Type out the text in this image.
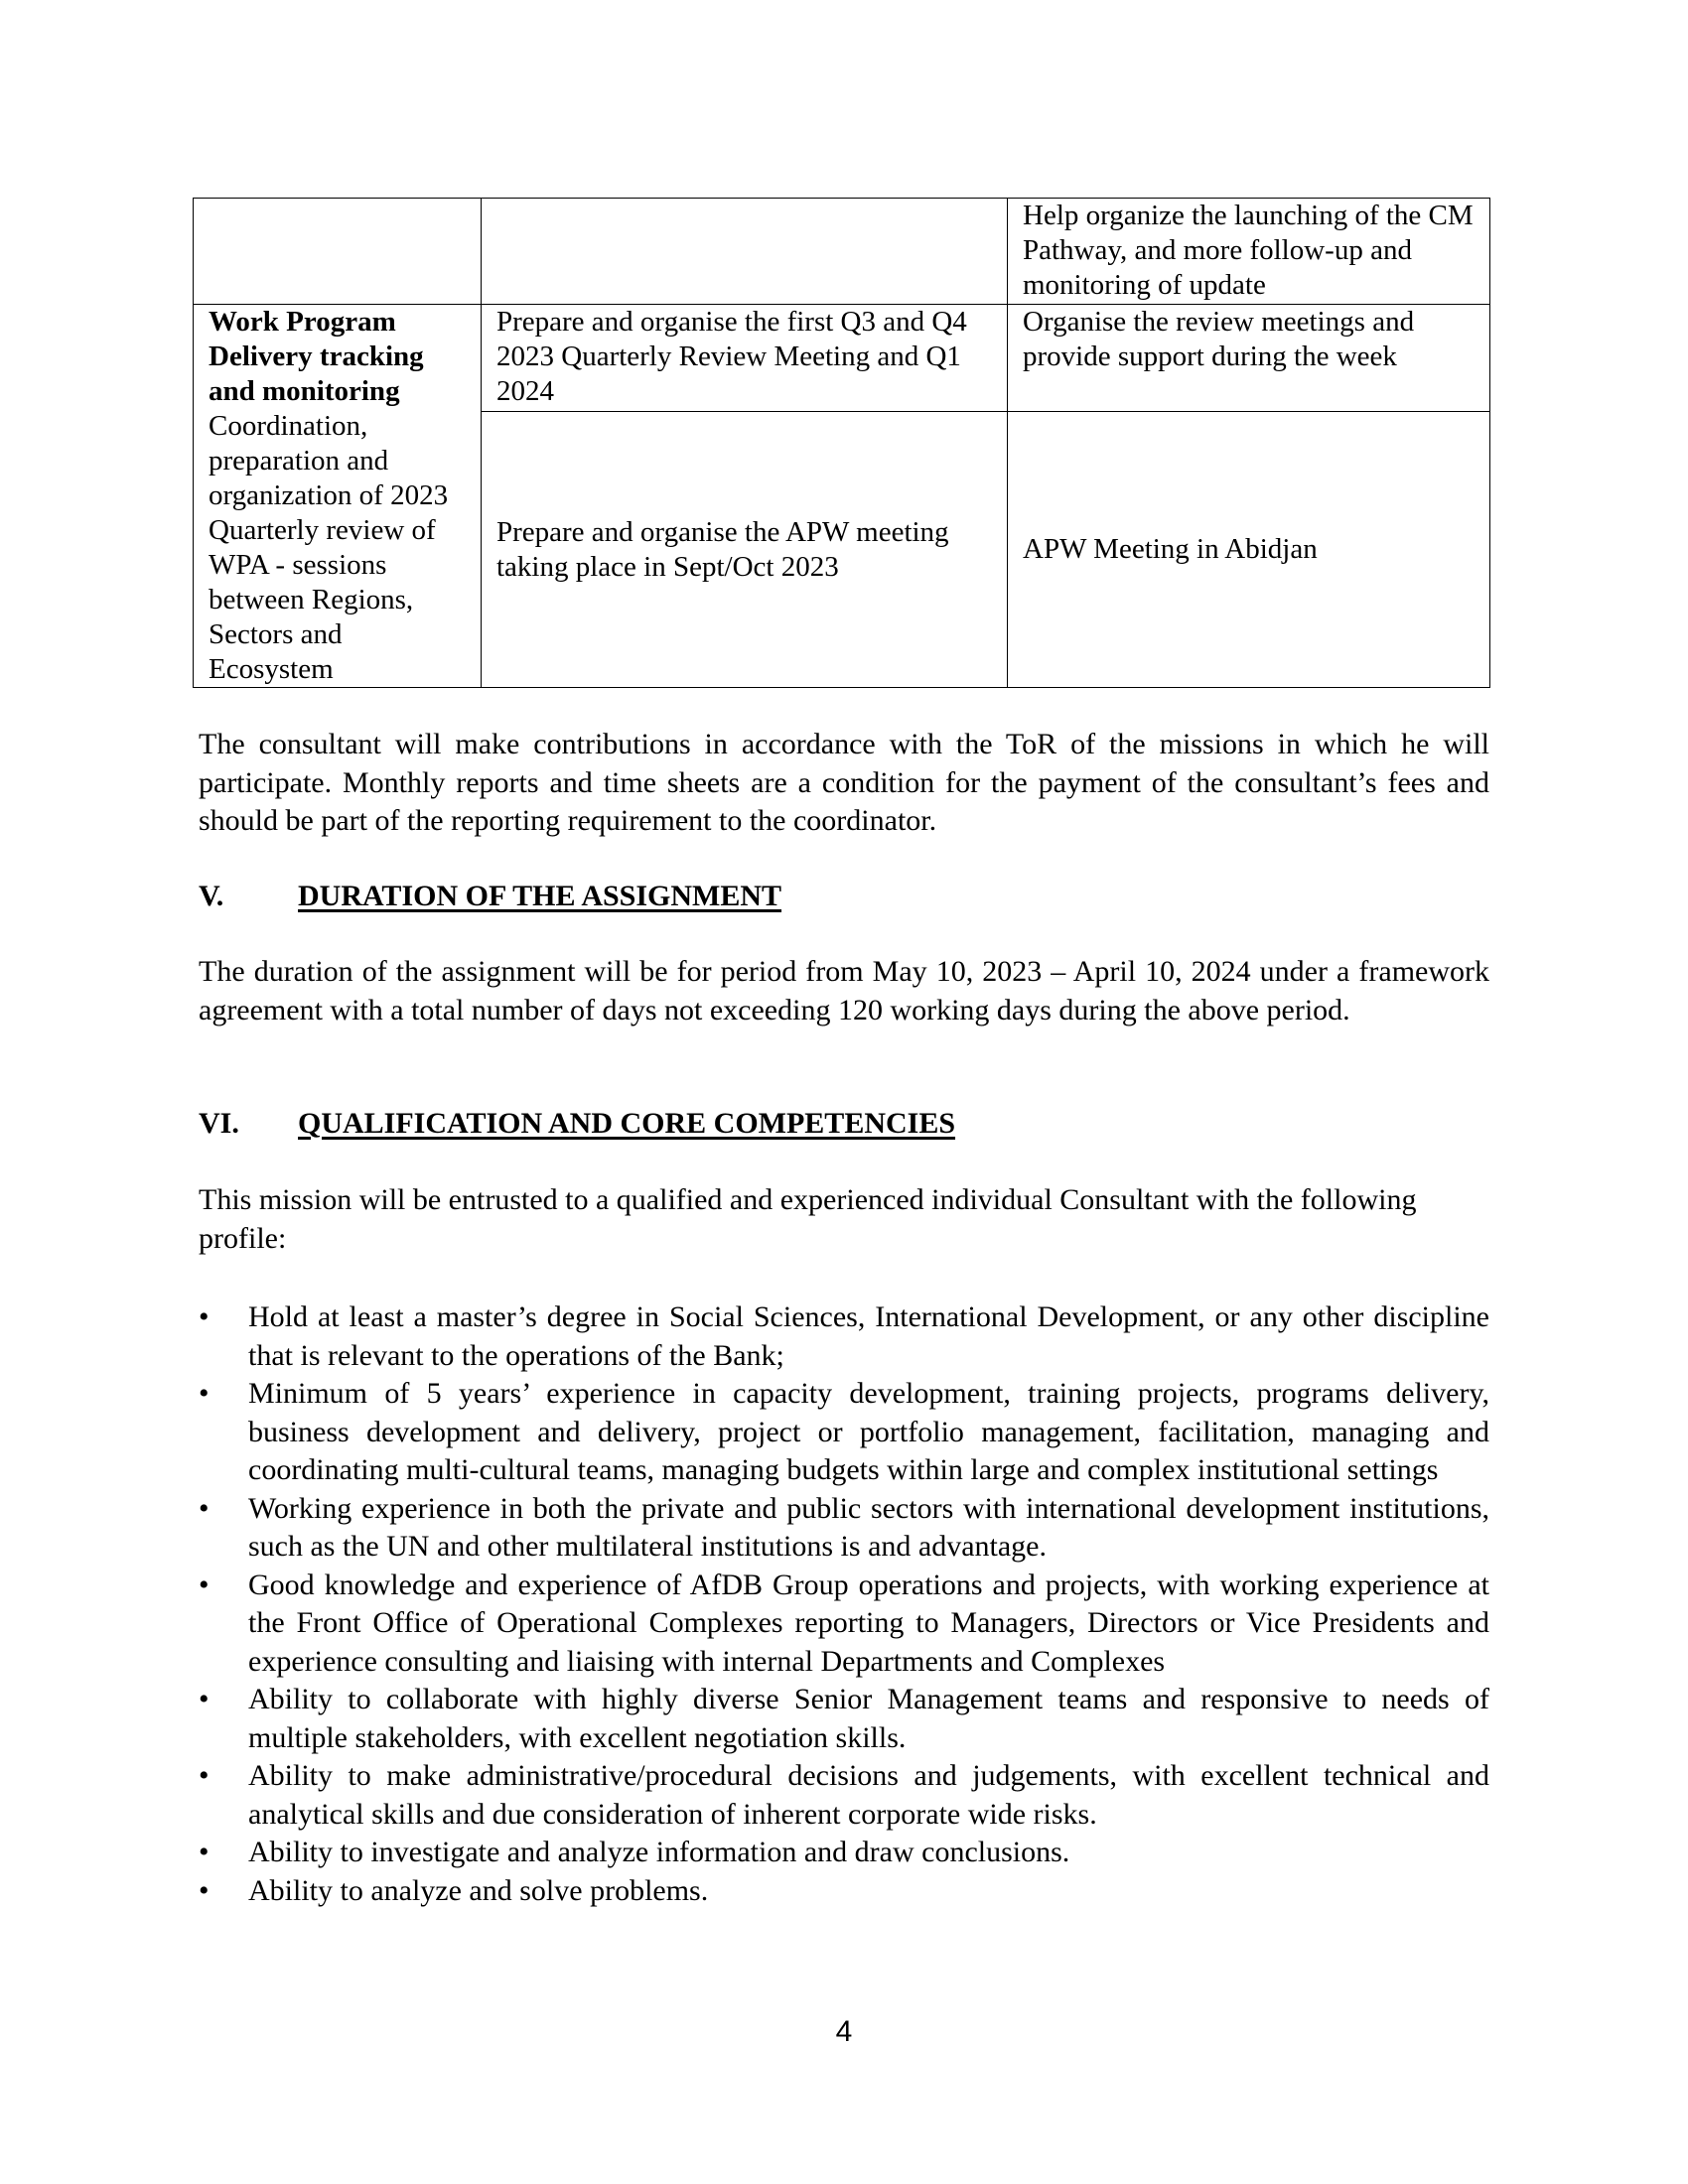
		Help organize the launching of the CM Pathway, and more follow-up and monitoring of update

Work Program Delivery tracking and monitoring
Coordination, preparation and organization of 2023 Quarterly review of WPA - sessions between Regions, Sectors and Ecosystem	Prepare and organise the first Q3 and Q4 2023 Quarterly Review Meeting and Q1 2024	Organise the review meetings and provide support during the week
	Prepare and organise the APW meeting taking place in Sept/Oct 2023	APW Meeting in Abidjan

The consultant will make contributions in accordance with the ToR of the missions in which he will participate. Monthly reports and time sheets are a condition for the payment of the consultant’s fees and should be part of the reporting requirement to the coordinator.

V. DURATION OF THE ASSIGNMENT

The duration of the assignment will be for period from May 10, 2023 – April 10, 2024 under a framework agreement with a total number of days not exceeding 120 working days during the above period.

VI. QUALIFICATION AND CORE COMPETENCIES

This mission will be entrusted to a qualified and experienced individual Consultant with the following profile:

• Hold at least a master’s degree in Social Sciences, International Development, or any other discipline that is relevant to the operations of the Bank;
• Minimum of 5 years’ experience in capacity development, training projects, programs delivery, business development and delivery, project or portfolio management, facilitation, managing and coordinating multi-cultural teams, managing budgets within large and complex institutional settings
• Working experience in both the private and public sectors with international development institutions, such as the UN and other multilateral institutions is and advantage.
• Good knowledge and experience of AfDB Group operations and projects, with working experience at the Front Office of Operational Complexes reporting to Managers, Directors or Vice Presidents and experience consulting and liaising with internal Departments and Complexes
• Ability to collaborate with highly diverse Senior Management teams and responsive to needs of multiple stakeholders, with excellent negotiation skills.
• Ability to make administrative/procedural decisions and judgements, with excellent technical and analytical skills and due consideration of inherent corporate wide risks.
• Ability to investigate and analyze information and draw conclusions.
• Ability to analyze and solve problems.
4
